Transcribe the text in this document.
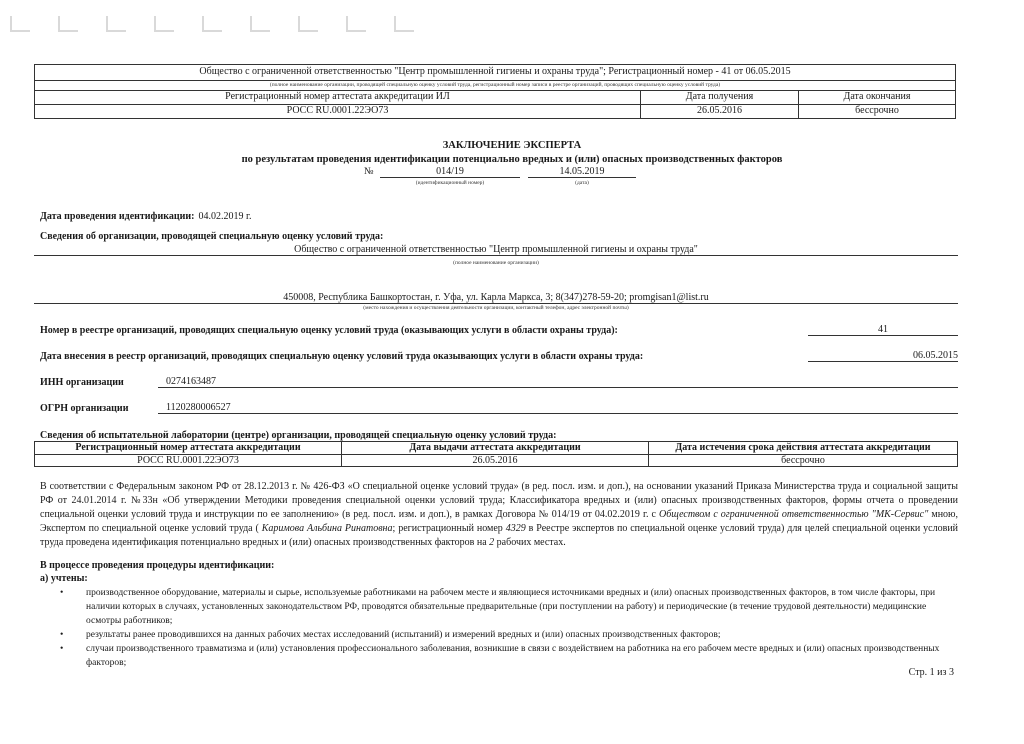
Общество с ограниченной ответственностью "Центр промышленной гигиены и охраны труда"; Регистрационный номер - 41 от 06.05.2015		
(полное наименование организации, проводящей специальную оценку условий труда, регистрационный номер записи в реестре организаций, проводящих специальную оценку условий труда)		
Регистрационный номер аттестата аккредитации ИЛ	Дата получения	Дата окончания
РОСС RU.0001.22ЭО73	26.05.2016	бессрочно
ЗАКЛЮЧЕНИЕ ЭКСПЕРТА
по результатам проведения идентификации потенциально вредных и (или) опасных производственных факторов
№	014/19	14.05.2019
(идентификационный номер)	(дата)
Дата проведения идентификации: 04.02.2019 г.
Сведения об организации, проводящей специальную оценку условий труда:
Общество с ограниченной ответственностью "Центр промышленной гигиены и охраны труда"
(полное наименование организации)
450008, Республика Башкортостан, г. Уфа, ул. Карла Маркса, 3; 8(347)278-59-20; promgisan1@list.ru
(место нахождения и осуществления деятельности организации, контактный телефон, адрес электронной почты)
Номер в реестре организаций, проводящих специальную оценку условий труда (оказывающих услуги в области охраны труда):	41
Дата внесения в реестр организаций, проводящих специальную оценку условий труда оказывающих услуги в области охраны труда:	06.05.2015
ИНН организации	0274163487
ОГРН организации	1120280006527
Сведения об испытательной лаборатории (центре) организации, проводящей специальную оценку условий труда:
Регистрационный номер аттестата аккредитации	Дата выдачи аттестата аккредитации	Дата истечения срока действия аттестата аккредитации
РОСС RU.0001.22ЭО73	26.05.2016	бессрочно
В соответствии с Федеральным законом РФ от 28.12.2013 г. № 426-ФЗ «О специальной оценке условий труда» (в ред. посл. изм. и доп.), на основании указаний Приказа Министерства труда и социальной защиты РФ от 24.01.2014 г. №33н «Об утверждении Методики проведения специальной оценки условий труда; Классификатора вредных и (или) опасных производственных факторов, формы отчета о проведении специальной оценки условий труда и инструкции по ее заполнению» (в ред. посл. изм. и доп.), в рамках Договора № 014/19 от 04.02.2019 г. с Обществом с ограниченной ответственностью "МК-Сервис" мною, Экспертом по специальной оценке условий труда ( Каримова Альбина Ринатовна; регистрационный номер 4329 в Реестре экспертов по специальной оценке условий труда) для целей специальной оценки условий труда проведена идентификация потенциально вредных и (или) опасных производственных факторов на 2 рабочих местах.
В процессе проведения процедуры идентификации:
а) учтены:
• производственное оборудование, материалы и сырье, используемые работниками на рабочем месте и являющиеся источниками вредных и (или) опасных производственных факторов, в том числе факторы, при наличии которых в случаях, установленных законодательством РФ, проводятся обязательные предварительные (при поступлении на работу) и периодические (в течение трудовой деятельности) медицинские осмотры работников;
• результаты ранее проводившихся на данных рабочих местах исследований (испытаний) и измерений вредных и (или) опасных производственных факторов;
• случаи производственного травматизма и (или) установления профессионального заболевания, возникшие в связи с воздействием на работника на его рабочем месте вредных и (или) опасных производственных факторов;
Стр. 1 из 3
